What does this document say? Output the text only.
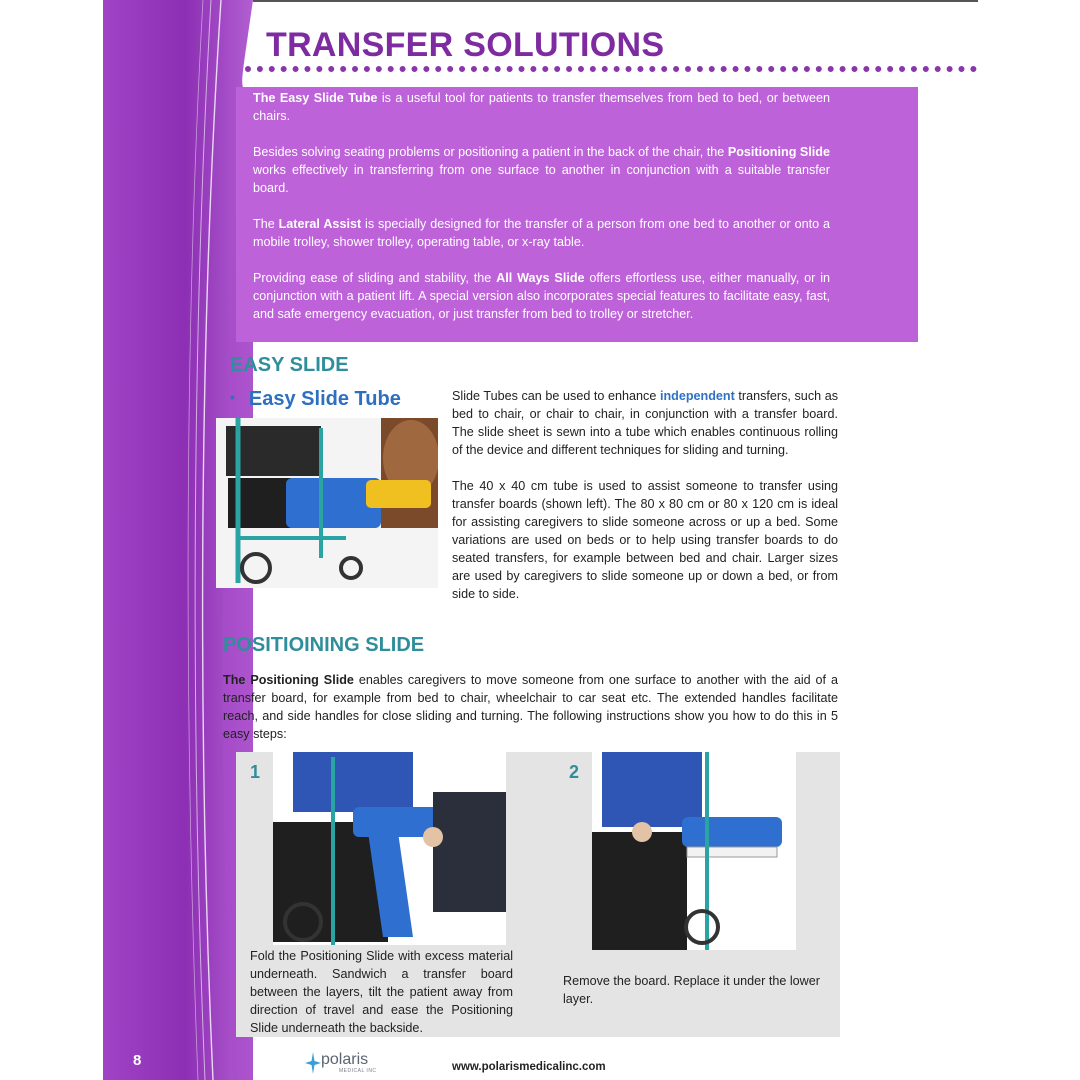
TRANSFER SOLUTIONS

The Easy Slide Tube is a useful tool for patients to transfer themselves from bed to bed, or between chairs.

Besides solving seating problems or positioning a patient in the back of the chair, the Positioning Slide works effectively in transferring from one surface to another in conjunction with a suitable transfer board.

The Lateral Assist is specially designed for the transfer of a person from one bed to another or onto a mobile trolley, shower trolley, operating table, or x-ray table.

Providing ease of sliding and stability, the All Ways Slide offers effortless use, either manually, or in conjunction with a patient lift. A special version also incorporates special features to facilitate easy, fast, and safe emergency evacuation, or just transfer from bed to trolley or stretcher.

EASY SLIDE
• Easy Slide Tube	Slide Tubes can be used to enhance independent transfers, such as bed to chair, or chair to chair, in conjunction with a transfer board. The slide sheet is sewn into a tube which enables continuous rolling of the device and different techniques for sliding and turning.

The 40 x 40 cm tube is used to assist someone to transfer using transfer boards (shown left). The 80 x 80 cm or 80 x 120 cm is ideal for assisting caregivers to slide someone across or up a bed. Some variations are used on beds or to help using transfer boards to do seated transfers, for example between bed and chair. Larger sizes are used by caregivers to slide someone up or down a bed, or from side to side.

POSITIOINING SLIDE

The Positioning Slide enables caregivers to move someone from one surface to another with the aid of a transfer board, for example from bed to chair, wheelchair to car seat etc. The extended handles facilitate reach, and side handles for close sliding and turning. The following instructions show you how to do this in 5 easy steps:

1
Fold the Positioning Slide with excess material underneath. Sandwich a transfer board between the layers, tilt the patient away from direction of travel and ease the Positioning Slide underneath the backside.
2
Remove the board. Replace it under the lower layer.
8	polaris
MEDICAL INC	www.polarismedicalinc.com
